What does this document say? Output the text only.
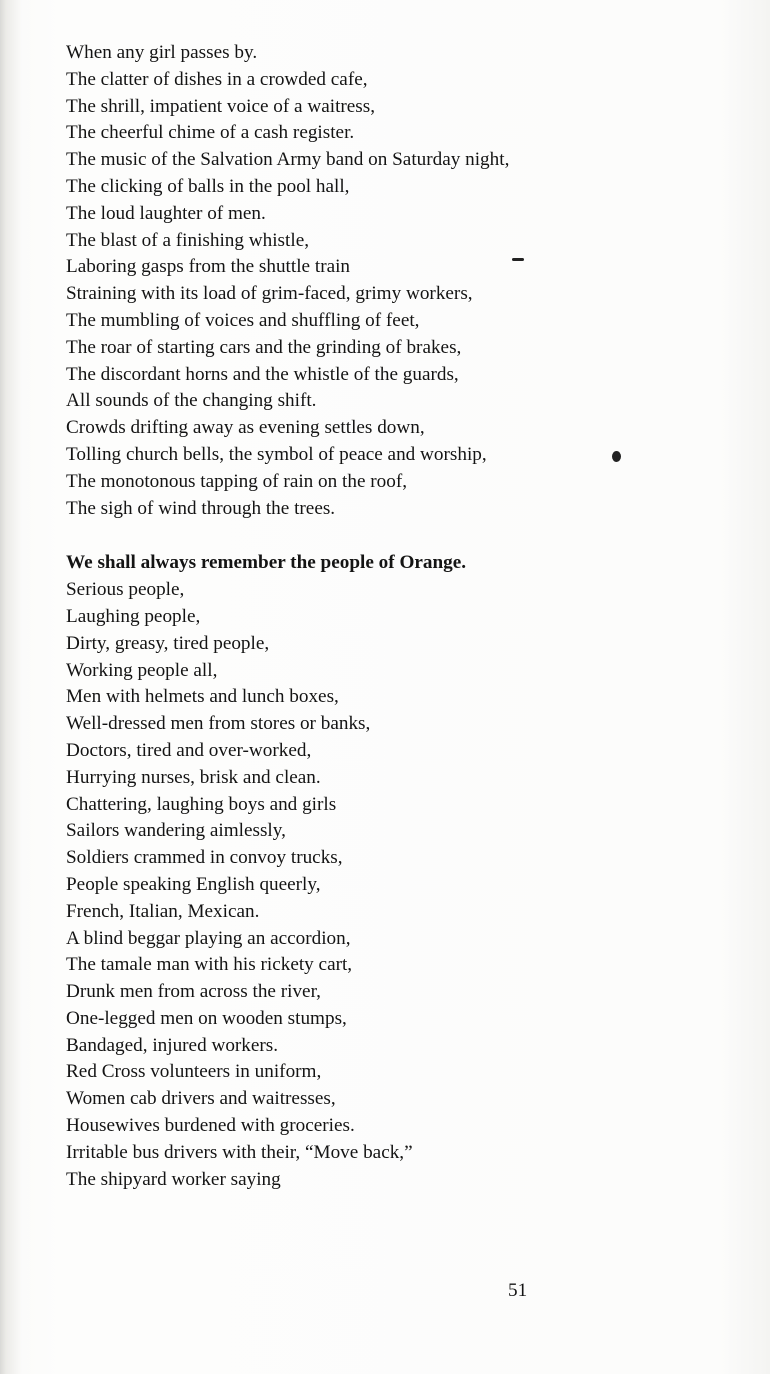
When any girl passes by.
The clatter of dishes in a crowded cafe,
The shrill, impatient voice of a waitress,
The cheerful chime of a cash register.
The music of the Salvation Army band on Saturday night,
The clicking of balls in the pool hall,
The loud laughter of men.
The blast of a finishing whistle,
Laboring gasps from the shuttle train
Straining with its load of grim-faced, grimy workers,
The mumbling of voices and shuffling of feet,
The roar of starting cars and the grinding of brakes,
The discordant horns and the whistle of the guards,
All sounds of the changing shift.
Crowds drifting away as evening settles down,
Tolling church bells, the symbol of peace and worship,
The monotonous tapping of rain on the roof,
The sigh of wind through the trees.
We shall always remember the people of Orange.
Serious people,
Laughing people,
Dirty, greasy, tired people,
Working people all,
Men with helmets and lunch boxes,
Well-dressed men from stores or banks,
Doctors, tired and over-worked,
Hurrying nurses, brisk and clean.
Chattering, laughing boys and girls
Sailors wandering aimlessly,
Soldiers crammed in convoy trucks,
People speaking English queerly,
French, Italian, Mexican.
A blind beggar playing an accordion,
The tamale man with his rickety cart,
Drunk men from across the river,
One-legged men on wooden stumps,
Bandaged, injured workers.
Red Cross volunteers in uniform,
Women cab drivers and waitresses,
Housewives burdened with groceries.
Irritable bus drivers with their, “Move back,”
The shipyard worker saying
51
